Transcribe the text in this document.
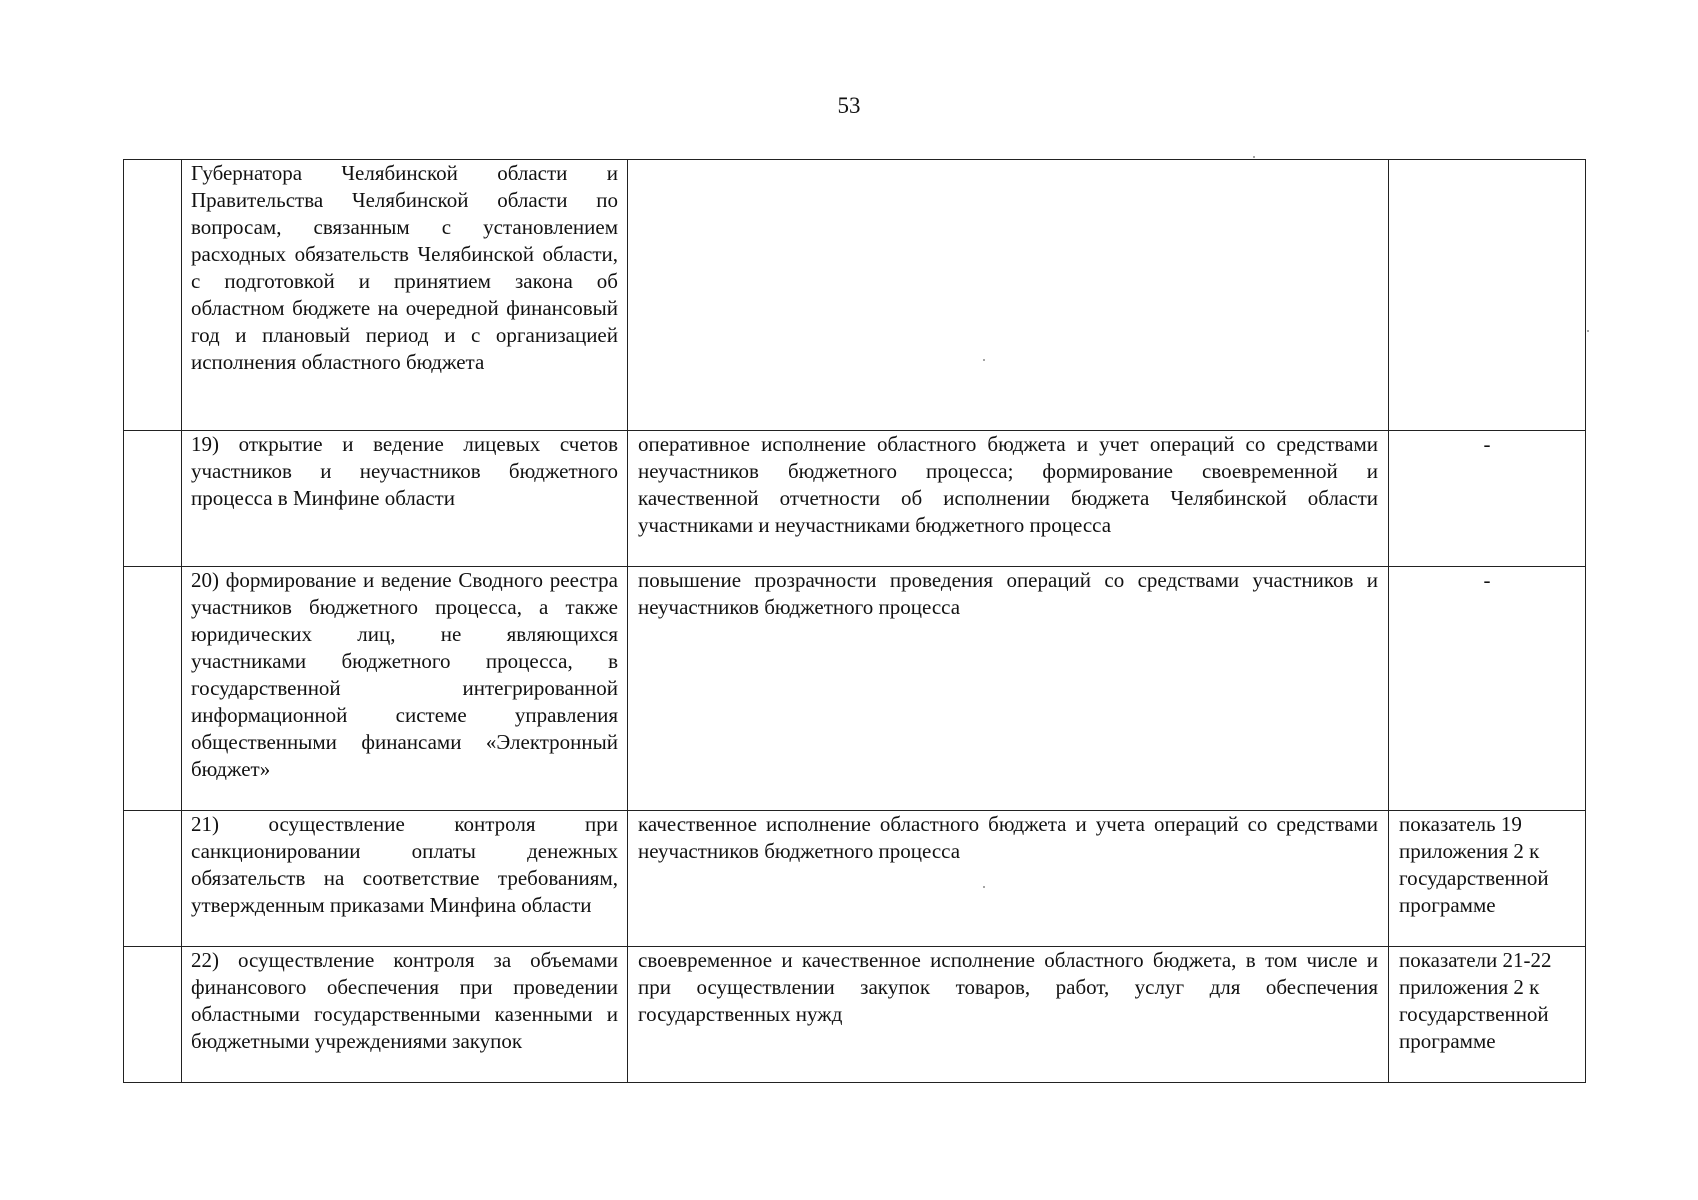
53

	Губернатора Челябинской области и Правительства Челябинской области по вопросам, связанным с установлением расходных обязательств Челябинской области, с подготовкой и принятием закона об областном бюджете на очередной финансовый год и плановый период и с организацией исполнения областного бюджета		

	19) открытие и ведение лицевых счетов участников и неучастников бюджетного процесса в Минфине области	оперативное исполнение областного бюджета и учет операций со средствами неучастников бюджетного процесса; формирование своевременной и качественной отчетности об исполнении бюджета Челябинской области участниками и неучастниками бюджетного процесса	-

	20) формирование и ведение Сводного реестра участников бюджетного процесса, а также юридических лиц, не являющихся участниками бюджетного процесса, в государственной интегрированной информационной системе управления общественными финансами «Электронный бюджет»	повышение прозрачности проведения операций со средствами участников и неучастников бюджетного процесса	-

	21) осуществление контроля при санкционировании оплаты денежных обязательств на соответствие требованиям, утвержденным приказами Минфина области	качественное исполнение областного бюджета и учета операций со средствами неучастников бюджетного процесса	показатель 19 приложения 2 к государственной программе

	22) осуществление контроля за объемами финансового обеспечения при проведении областными государственными казенными и бюджетными учреждениями закупок	своевременное и качественное исполнение областного бюджета, в том числе и при осуществлении закупок товаров, работ, услуг для обеспечения государственных нужд	показатели 21-22 приложения 2 к государственной программе
